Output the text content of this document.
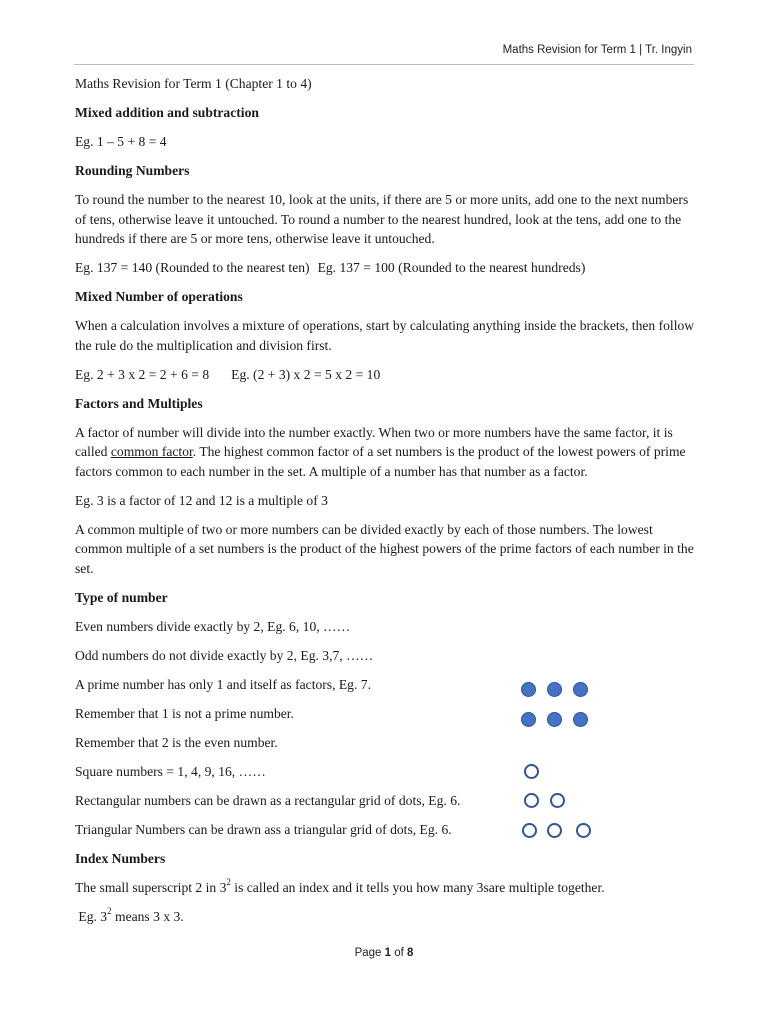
Maths Revision for Term 1 | Tr. Ingyin

Maths Revision for Term 1 (Chapter 1 to 4)

Mixed addition and subtraction

Eg. 1 – 5 + 8 = 4

Rounding Numbers

To round the number to the nearest 10, look at the units, if there are 5 or more units, add one to the next numbers of tens, otherwise leave it untouched. To round a number to the nearest hundred, look at the tens, add one to the hundreds if there are 5 or more tens, otherwise leave it untouched.

Eg. 137 = 140 (Rounded to the nearest ten) Eg. 137 = 100 (Rounded to the nearest hundreds)

Mixed Number of operations

When a calculation involves a mixture of operations, start by calculating anything inside the brackets, then follow the rule do the multiplication and division first.

Eg. 2 + 3 x 2 = 2 + 6 = 8 Eg. (2 + 3) x 2 = 5 x 2 = 10

Factors and Multiples

A factor of number will divide into the number exactly. When two or more numbers have the same factor, it is called common factor. The highest common factor of a set numbers is the product of the lowest powers of prime factors common to each number in the set. A multiple of a number has that number as a factor.

Eg. 3 is a factor of 12 and 12 is a multiple of 3

A common multiple of two or more numbers can be divided exactly by each of those numbers. The lowest common multiple of a set numbers is the product of the highest powers of the prime factors of each number in the set.

Type of number

Even numbers divide exactly by 2, Eg. 6, 10, ……

Odd numbers do not divide exactly by 2, Eg. 3,7, ……

A prime number has only 1 and itself as factors, Eg. 7.

Remember that 1 is not a prime number.

Remember that 2 is the even number.

Square numbers = 1, 4, 9, 16, ……

Rectangular numbers can be drawn as a rectangular grid of dots, Eg. 6.

Triangular Numbers can be drawn ass a triangular grid of dots, Eg. 6.

Index Numbers

The small superscript 2 in $3^2$ is called an index and it tells you how many 3sare multiple together.

Eg. $3^2$ means 3 x 3.

Page 1 of 8
